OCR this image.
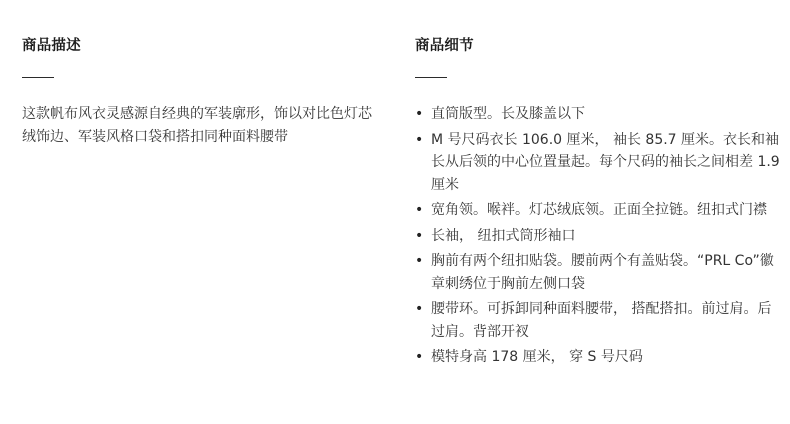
商品描述

这款帆布风衣灵感源自经典的军装廓形，饰以对比色灯芯绒饰边、军装风格口袋和搭扣同种面料腰带

商品细节
• 直筒版型。长及膝盖以下
• M 号尺码衣长 106.0 厘米， 袖长 85.7 厘米。衣长和袖长从后领的中心位置量起。每个尺码的袖长之间相差 1.9 厘米
• 宽角领。喉袢。灯芯绒底领。正面全拉链。纽扣式门襟
• 长袖， 纽扣式筒形袖口
• 胸前有两个纽扣贴袋。腰前两个有盖贴袋。“PRL Co”徽章刺绣位于胸前左侧口袋
• 腰带环。可拆卸同种面料腰带， 搭配搭扣。前过肩。后过肩。背部开衩
• 模特身高 178 厘米， 穿 S 号尺码
